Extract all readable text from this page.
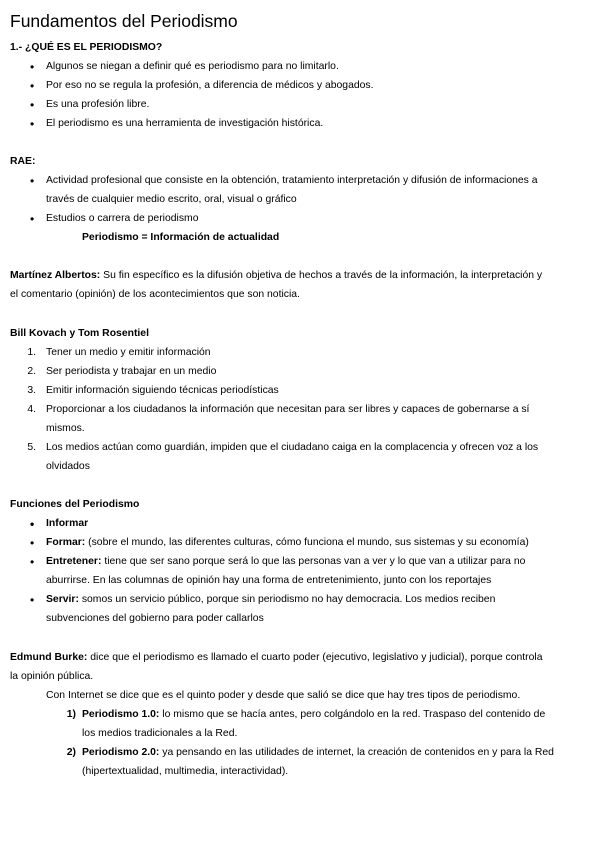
Fundamentos del Periodismo
1.- ¿QUÉ ES EL PERIODISMO?
• Algunos se niegan a definir qué es periodismo para no limitarlo.
• Por eso no se regula la profesión, a diferencia de médicos y abogados.
• Es una profesión libre.
• El periodismo es una herramienta de investigación histórica.
RAE:
• Actividad profesional que consiste en la obtención, tratamiento interpretación y difusión de informaciones a
través de cualquier medio escrito, oral, visual o gráfico
• Estudios o carrera de periodismo
Periodismo = Información de actualidad
Martínez Albertos: Su fin específico es la difusión objetiva de hechos a través de la información, la interpretación y
el comentario (opinión) de los acontecimientos que son noticia.
Bill Kovach y Tom Rosentiel
1. Tener un medio y emitir información
2. Ser periodista y trabajar en un medio
3. Emitir información siguiendo técnicas periodísticas
4. Proporcionar a los ciudadanos la información que necesitan para ser libres y capaces de gobernarse a sí
mismos.
5. Los medios actúan como guardián, impiden que el ciudadano caiga en la complacencia y ofrecen voz a los
olvidados
Funciones del Periodismo
• Informar
• Formar: (sobre el mundo, las diferentes culturas, cómo funciona el mundo, sus sistemas y su economía)
• Entretener: tiene que ser sano porque será lo que las personas van a ver y lo que van a utilizar para no
aburrirse. En las columnas de opinión hay una forma de entretenimiento, junto con los reportajes
• Servir: somos un servicio público, porque sin periodismo no hay democracia. Los medios reciben
subvenciones del gobierno para poder callarlos
Edmund Burke: dice que el periodismo es llamado el cuarto poder (ejecutivo, legislativo y judicial), porque controla
la opinión pública.
Con Internet se dice que es el quinto poder y desde que salió se dice que hay tres tipos de periodismo.
1) Periodismo 1.0: lo mismo que se hacía antes, pero colgándolo en la red. Traspaso del contenido de
los medios tradicionales a la Red.
2) Periodismo 2.0: ya pensando en las utilidades de internet, la creación de contenidos en y para la Red
(hipertextualidad, multimedia, interactividad).
